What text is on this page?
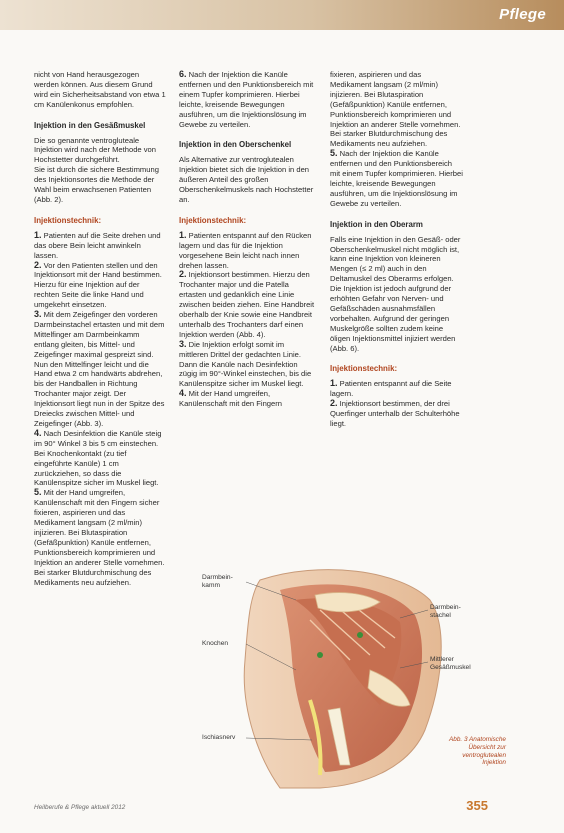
Pflege

nicht von Hand herausgezogen werden können. Aus diesem Grund wird ein Sicherheitsabstand von etwa 1 cm Kanülenkonus empfohlen.

Injektion in den Gesäßmuskel

Die so genannte ventrogluteale Injektion wird nach der Methode von Hochstetter durchgeführt.

Sie ist durch die sichere Bestimmung des Injektionsortes die Methode der Wahl beim erwachsenen Patienten (Abb. 2).

Injektionstechnik:

1. Patienten auf die Seite drehen und das obere Bein leicht anwinkeln lassen.

2. Vor den Patienten stellen und den Injektionsort mit der Hand bestimmen. Hierzu für eine Injektion auf der rechten Seite die linke Hand und umgekehrt einsetzen.

3. Mit dem Zeigefinger den vorderen Darmbeinstachel ertasten und mit dem Mittelfinger am Darmbeinkamm entlang gleiten, bis Mittel- und Zeigefinger maximal gespreizt sind. Nun den Mittelfinger leicht und die Hand etwa 2 cm handwärts abdrehen, bis der Handballen in Richtung Trochanter major zeigt. Der Injektionsort liegt nun in der Spitze des Dreiecks zwischen Mittel- und Zeigefinger (Abb. 3).

4. Nach Desinfektion die Kanüle steig im 90° Winkel 3 bis 5 cm einstechen. Bei Knochenkontakt (zu tief eingeführte Kanüle) 1 cm zurückziehen, so dass die Kanülenspitze sicher im Muskel liegt.

5. Mit der Hand umgreifen, Kanülenschaft mit den Fingern sicher fixieren, aspirieren und das Medikament langsam (2 ml/min) injizieren. Bei Blutaspiration (Gefäßpunktion) Kanüle entfernen, Punktionsbereich komprimieren und Injektion an anderer Stelle vornehmen. Bei starker Blutdurchmischung des Medikaments neu aufziehen.

6. Nach der Injektion die Kanüle entfernen und den Punktionsbereich mit einem Tupfer komprimieren. Hierbei leichte, kreisende Bewegungen ausführen, um die Injektionslösung im Gewebe zu verteilen.

Injektion in den Oberschenkel

Als Alternative zur ventroglutealen Injektion bietet sich die Injektion in den äußeren Anteil des großen Oberschenkelmuskels nach Hochstetter an.

Injektionstechnik:

1. Patienten entspannt auf den Rücken lagern und das für die Injektion vorgesehene Bein leicht nach innen drehen lassen.

2. Injektionsort bestimmen. Hierzu den Trochanter major und die Patella ertasten und gedanklich eine Linie zwischen beiden ziehen. Eine Handbreit oberhalb der Knie sowie eine Handbreit unterhalb des Trochanters darf einen Injektion werden (Abb. 4).

3. Die Injektion erfolgt somit im mittleren Drittel der gedachten Linie. Dann die Kanüle nach Desinfektion zügig im 90°-Winkel einstechen, bis die Kanülenspitze sicher im Muskel liegt.

4. Mit der Hand umgreifen, Kanülenschaft mit den Fingern

fixieren, aspirieren und das Medikament langsam (2 ml/min) injizieren. Bei Blutaspiration (Gefäßpunktion) Kanüle entfernen, Punktionsbereich komprimieren und Injektion an anderer Stelle vornehmen. Bei starker Blutdurchmischung des Medikaments neu aufziehen.

5. Nach der Injektion die Kanüle entfernen und den Punktionsbereich mit einem Tupfer komprimieren. Hierbei leichte, kreisende Bewegungen ausführen, um die Injektionslösung im Gewebe zu verteilen.

Injektion in den Oberarm

Falls eine Injektion in den Gesäß- oder Oberschenkelmuskel nicht möglich ist, kann eine Injektion von kleineren Mengen (≤ 2 ml) auch in den Deltamuskel des Oberarms erfolgen. Die Injektion ist jedoch aufgrund der erhöhten Gefahr von Nerven- und Gefäßschäden ausnahmsfällen vorbehalten. Aufgrund der geringen Muskelgröße sollten zudem keine öligen Injektionsmittel injiziert werden (Abb. 6).

Injektionstechnik:

1. Patienten entspannt auf die Seite lagern.

2. Injektionsort bestimmen, der drei Querfinger unterhalb der Schulterhöhe liegt.

Darmbein-kamm
Knochen
Ischiasnerv
Darmbein-stachel
Mittlerer Gesäßmuskel
Abb. 3 Anatomische Übersicht zur ventroglutealen Injektion
Heilberufe & Pflege aktuell 2012	355
